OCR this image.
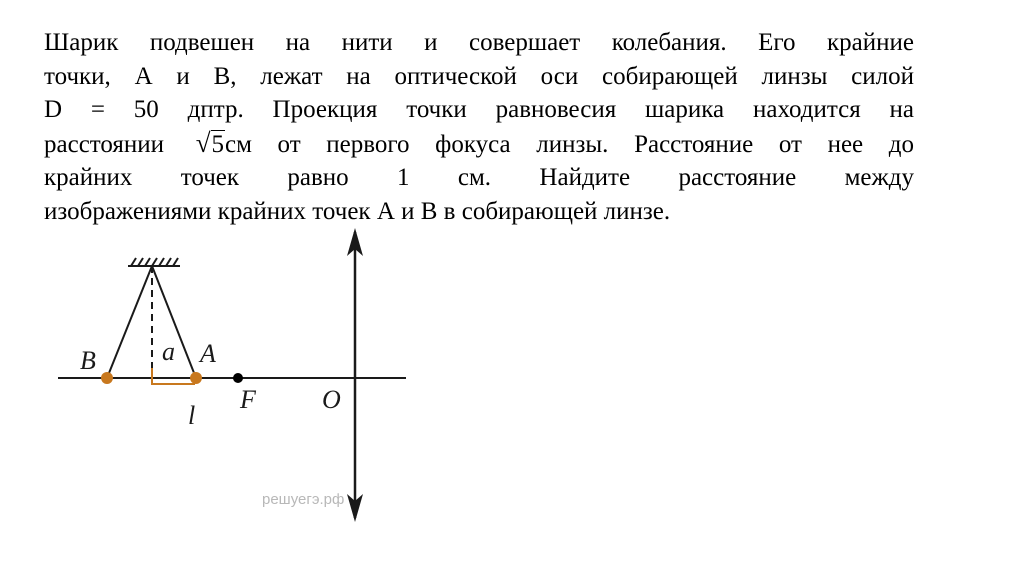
Шарик подвешен на нити и совершает колебания. Его крайние
точки, А и В, лежат на оптической оси собирающей линзы силой
D = 50 дптр. Проекция точки равновесия шарика находится на
расстоянии √5см от первого фокуса линзы. Расстояние от нее до
крайних точек равно 1 см. Найдите расстояние между
изображениями крайних точек А и В в собирающей линзе.
B	A
a
l
F	O
решуегэ.рф
